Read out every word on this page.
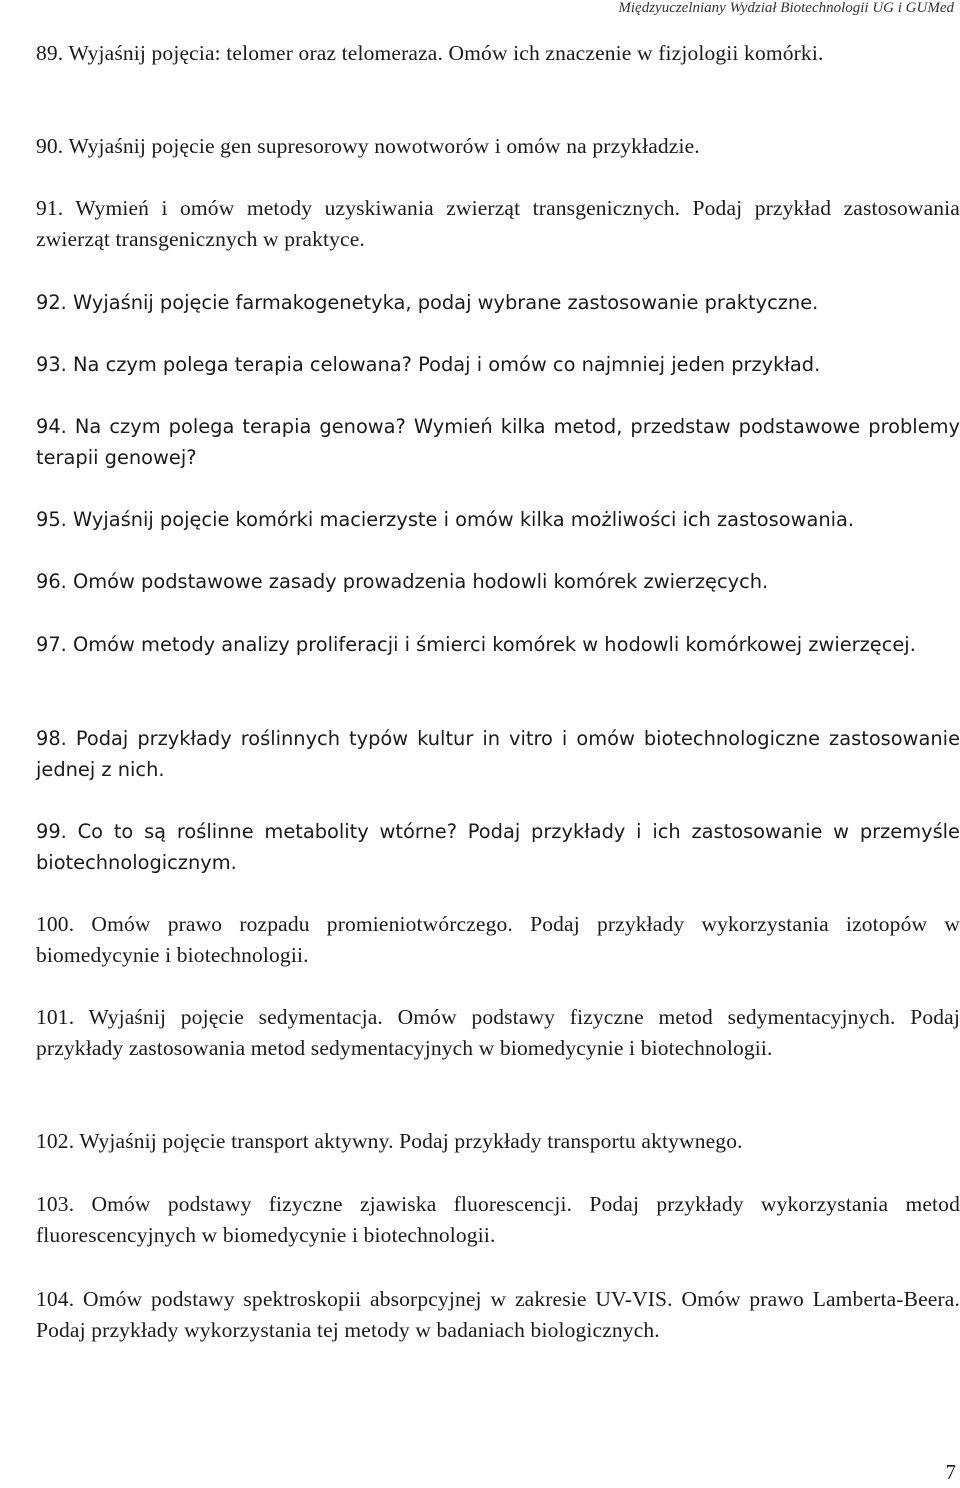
Międzyuczelniany Wydział Biotechnologii UG i GUMed

89. Wyjaśnij pojęcia: telomer oraz telomeraza. Omów ich znaczenie w fizjologii komórki.

90. Wyjaśnij pojęcie gen supresorowy nowotworów i omów na przykładzie.

91. Wymień i omów metody uzyskiwania zwierząt transgenicznych. Podaj przykład zastosowania zwierząt transgenicznych w praktyce.

92. Wyjaśnij pojęcie farmakogenetyka, podaj wybrane zastosowanie praktyczne.

93. Na czym polega terapia celowana? Podaj i omów co najmniej jeden przykład.

94. Na czym polega terapia genowa? Wymień kilka metod, przedstaw podstawowe problemy terapii genowej?

95. Wyjaśnij pojęcie komórki macierzyste i omów kilka możliwości ich zastosowania.

96. Omów podstawowe zasady prowadzenia hodowli komórek zwierzęcych.

97. Omów metody analizy proliferacji i śmierci komórek w hodowli komórkowej zwierzęcej.

98. Podaj przykłady roślinnych typów kultur in vitro i omów biotechnologiczne zastosowanie jednej z nich.

99. Co to są roślinne metabolity wtórne? Podaj przykłady i ich zastosowanie w przemyśle biotechnologicznym.

100. Omów prawo rozpadu promieniotwórczego. Podaj przykłady wykorzystania izotopów w biomedycynie i biotechnologii.

101. Wyjaśnij pojęcie sedymentacja. Omów podstawy fizyczne metod sedymentacyjnych. Podaj przykłady zastosowania metod sedymentacyjnych w biomedycynie i biotechnologii.

102. Wyjaśnij pojęcie transport aktywny. Podaj przykłady transportu aktywnego.

103. Omów podstawy fizyczne zjawiska fluorescencji. Podaj przykłady wykorzystania metod fluorescencyjnych w biomedycynie i biotechnologii.

104. Omów podstawy spektroskopii absorpcyjnej w zakresie UV-VIS. Omów prawo Lamberta-Beera. Podaj przykłady wykorzystania tej metody w badaniach biologicznych.

7
